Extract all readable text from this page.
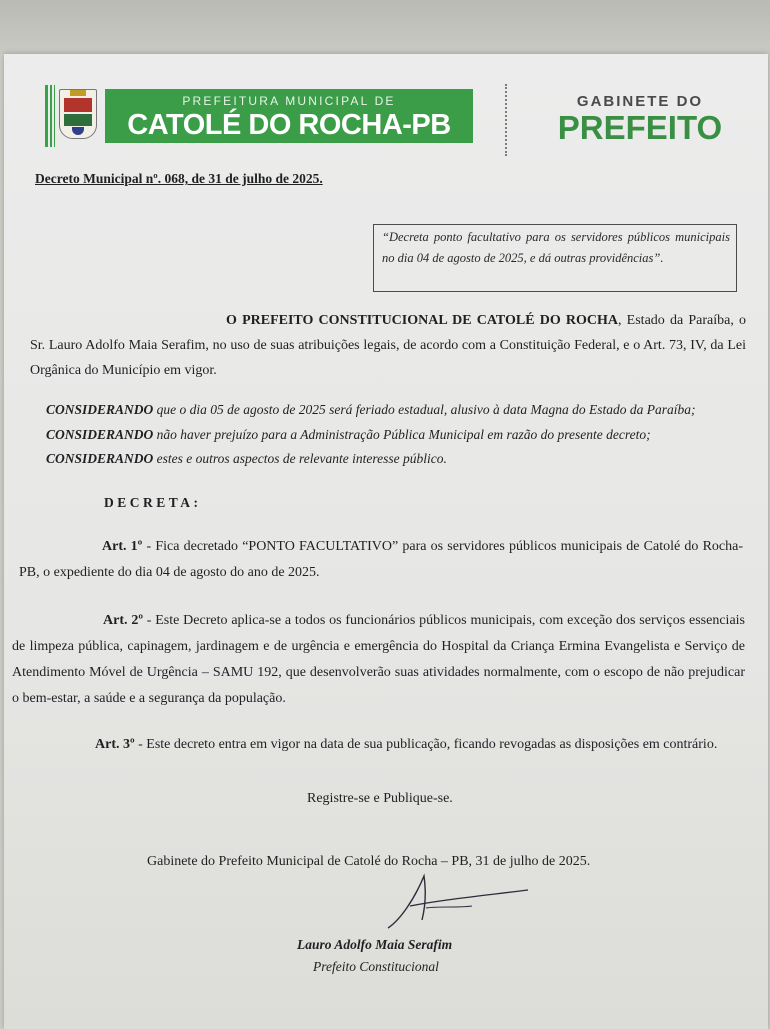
PREFEITURA MUNICIPAL DE
CATOLÉ DO ROCHA-PB
GABINETE DO
PREFEITO
Decreto Municipal nº. 068, de 31 de julho de 2025.
“Decreta ponto facultativo para os servidores públicos municipais no dia 04 de agosto de 2025, e dá outras providências”.
O PREFEITO CONSTITUCIONAL DE CATOLÉ DO ROCHA, Estado da Paraíba, o Sr. Lauro Adolfo Maia Serafim, no uso de suas atribuições legais, de acordo com a Constituição Federal, e o Art. 73, IV, da Lei Orgânica do Município em vigor.
CONSIDERANDO que o dia 05 de agosto de 2025 será feriado estadual, alusivo à data Magna do Estado da Paraíba;
CONSIDERANDO não haver prejuízo para a Administração Pública Municipal em razão do presente decreto;
CONSIDERANDO estes e outros aspectos de relevante interesse público.
DECRETA:
Art. 1º - Fica decretado “PONTO FACULTATIVO” para os servidores públicos municipais de Catolé do Rocha-PB, o expediente do dia 04 de agosto do ano de 2025.
Art. 2º - Este Decreto aplica-se a todos os funcionários públicos municipais, com exceção dos serviços essenciais de limpeza pública, capinagem, jardinagem e de urgência e emergência do Hospital da Criança Ermina Evangelista e Serviço de Atendimento Móvel de Urgência – SAMU 192, que desenvolverão suas atividades normalmente, com o escopo de não prejudicar o bem-estar, a saúde e a segurança da população.
Art. 3º - Este decreto entra em vigor na data de sua publicação, ficando revogadas as disposições em contrário.
Registre-se e Publique-se.
Gabinete do Prefeito Municipal de Catolé do Rocha – PB, 31 de julho de 2025.
Lauro Adolfo Maia Serafim
Prefeito Constitucional
